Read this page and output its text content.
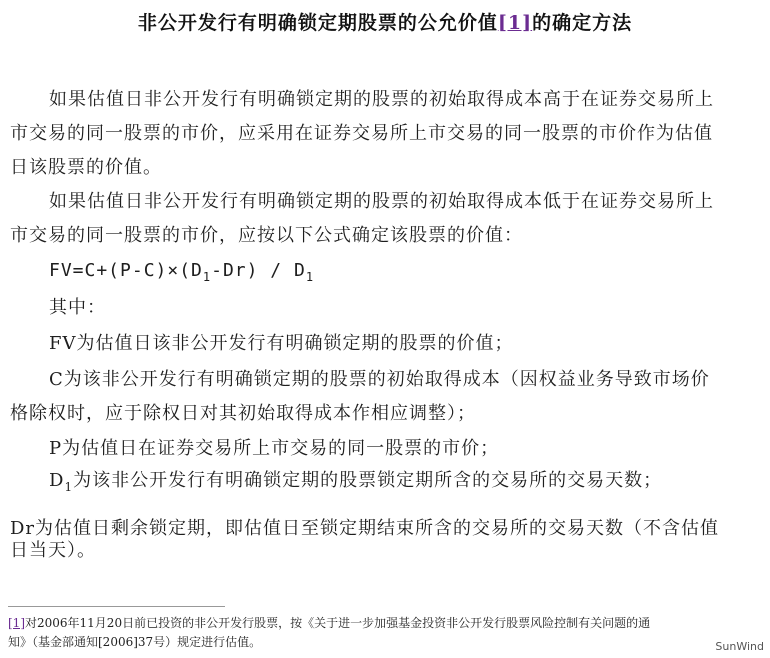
非公开发行有明确锁定期股票的公允价值[1]的确定方法
如果估值日非公开发行有明确锁定期的股票的初始取得成本高于在证券交易所上
市交易的同一股票的市价，应采用在证券交易所上市交易的同一股票的市价作为估值
日该股票的价值。
如果估值日非公开发行有明确锁定期的股票的初始取得成本低于在证券交易所上
市交易的同一股票的市价，应按以下公式确定该股票的价值：
$FV=C+(P-C)\times(D_1-Dr) / D_1$
其中：
FV为估值日该非公开发行有明确锁定期的股票的价值；
C为该非公开发行有明确锁定期的股票的初始取得成本（因权益业务导致市场价
格除权时，应于除权日对其初始取得成本作相应调整）；
P为估值日在证券交易所上市交易的同一股票的市价；
$D_1$为该非公开发行有明确锁定期的股票锁定期所含的交易所的交易天数；
Dr为估值日剩余锁定期，即估值日至锁定期结束所含的交易所的交易天数（不含估值
日当天）。
[1]对2006年11月20日前已投资的非公开发行股票，按《关于进一步加强基金投资非公开发行股票风险控制有关问题的通
知》（基金部通知[2006]37号）规定进行估值。	SunWind
